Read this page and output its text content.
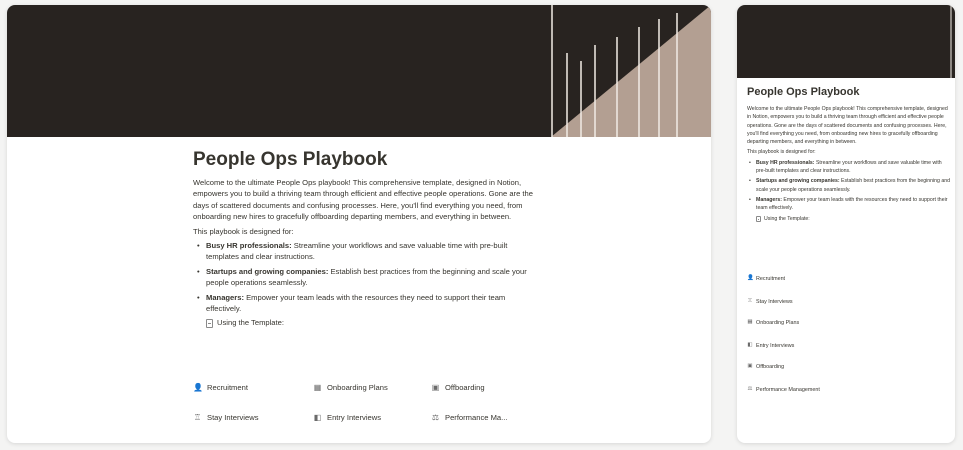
People Ops Playbook

Welcome to the ultimate People Ops playbook! This comprehensive template, designed in Notion, empowers you to build a thriving team through efficient and effective people operations. Gone are the days of scattered documents and confusing processes. Here, you'll find everything you need, from onboarding new hires to gracefully offboarding departing members, and everything in between.

This playbook is designed for:

• Busy HR professionals: Streamline your workflows and save valuable time with pre-built templates and clear instructions.
• Startups and growing companies: Establish best practices from the beginning and scale your people operations seamlessly.
• Managers: Empower your team leads with the resources they need to support their team effectively.
Using the Template:
👤 Recruitment	▦ Onboarding Plans	▣ Offboarding
♖ Stay Interviews	◧ Entry Interviews	⚖ Performance Ma...
People Ops Playbook

Welcome to the ultimate People Ops playbook! This comprehensive template, designed in Notion, empowers you to build a thriving team through efficient and effective people operations. Gone are the days of scattered documents and confusing processes. Here, you'll find everything you need, from onboarding new hires to gracefully offboarding departing members, and everything in between.

This playbook is designed for:

• Busy HR professionals: Streamline your workflows and save valuable time with pre-built templates and clear instructions.
• Startups and growing companies: Establish best practices from the beginning and scale your people operations seamlessly.
• Managers: Empower your team leads with the resources they need to support their team effectively.
Using the Template:
👤 Recruitment
♖ Stay Interviews
▦ Onboarding Plans
◧ Entry Interviews
▣ Offboarding
⚖ Performance Management
